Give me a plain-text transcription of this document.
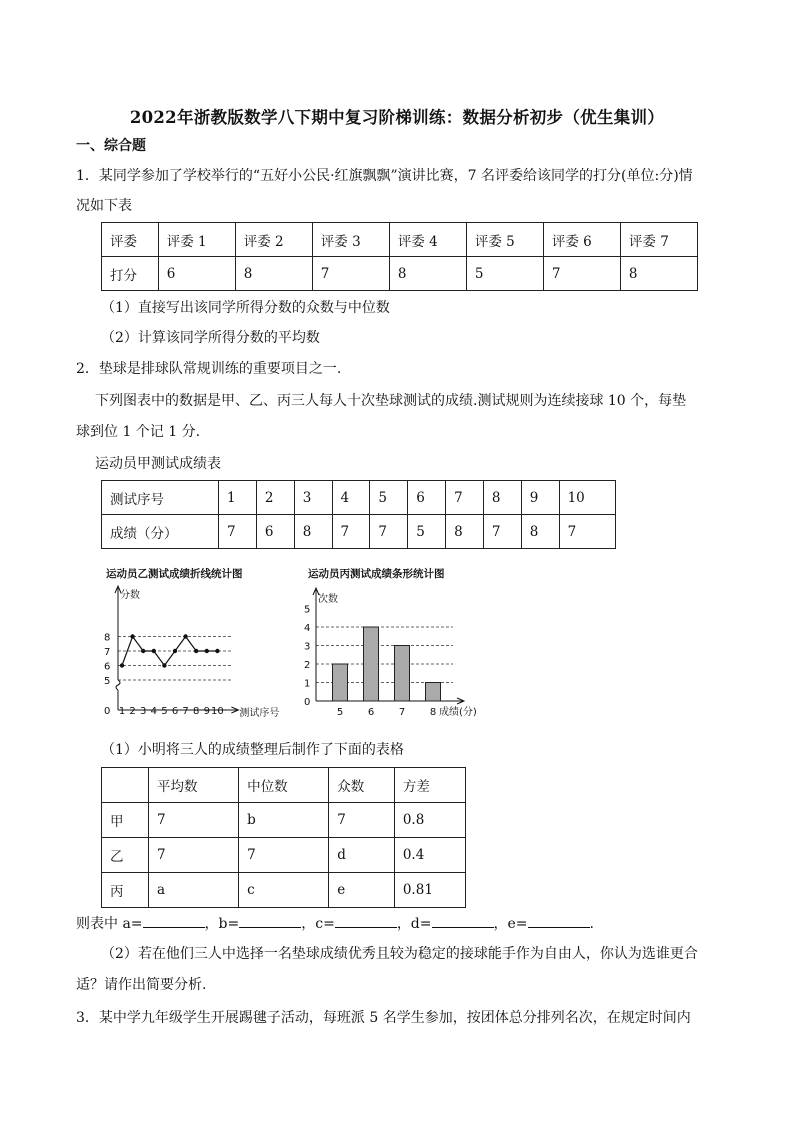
2022年浙教版数学八下期中复习阶梯训练：数据分析初步（优生集训）
一、综合题
1．某同学参加了学校举行的“五好小公民·红旗飘飘”演讲比赛，7 名评委给该同学的打分(单位:分)情
况如下表
评委	评委 1	评委 2	评委 3	评委 4	评委 5	评委 6	评委 7
打分	6	8	7	8	5	7	8
（1）直接写出该同学所得分数的众数与中位数
（2）计算该同学所得分数的平均数
2．垫球是排球队常规训练的重要项目之一.
下列图表中的数据是甲、乙、丙三人每人十次垫球测试的成绩.测试规则为连续接球 10 个，每垫
球到位 1 个记 1 分.
运动员甲测试成绩表
测试序号	1	2	3	4	5	6	7	8	9	10
成绩（分）	7	6	8	7	7	5	8	7	8	7
运动员乙测试成绩折线统计图
分数
测试序号
0
5
6
7
8
1 2 3 4 5 6 7 8 9 10
运动员丙测试成绩条形统计图
次数
成绩(分)
0
1
2
3
4
5
5 6 7 8
（1）小明将三人的成绩整理后制作了下面的表格
	平均数	中位数	众数	方差
甲	7	b	7	0.8
乙	7	7	d	0.4
丙	a	c	e	0.81
则表中 a=	，b=	，c=	，d=	，e=	.
（2）若在他们三人中选择一名垫球成绩优秀且较为稳定的接球能手作为自由人，你认为选谁更合
适？请作出简要分析.
3．某中学九年级学生开展踢毽子活动，每班派 5 名学生参加，按团体总分排列名次，在规定时间内
